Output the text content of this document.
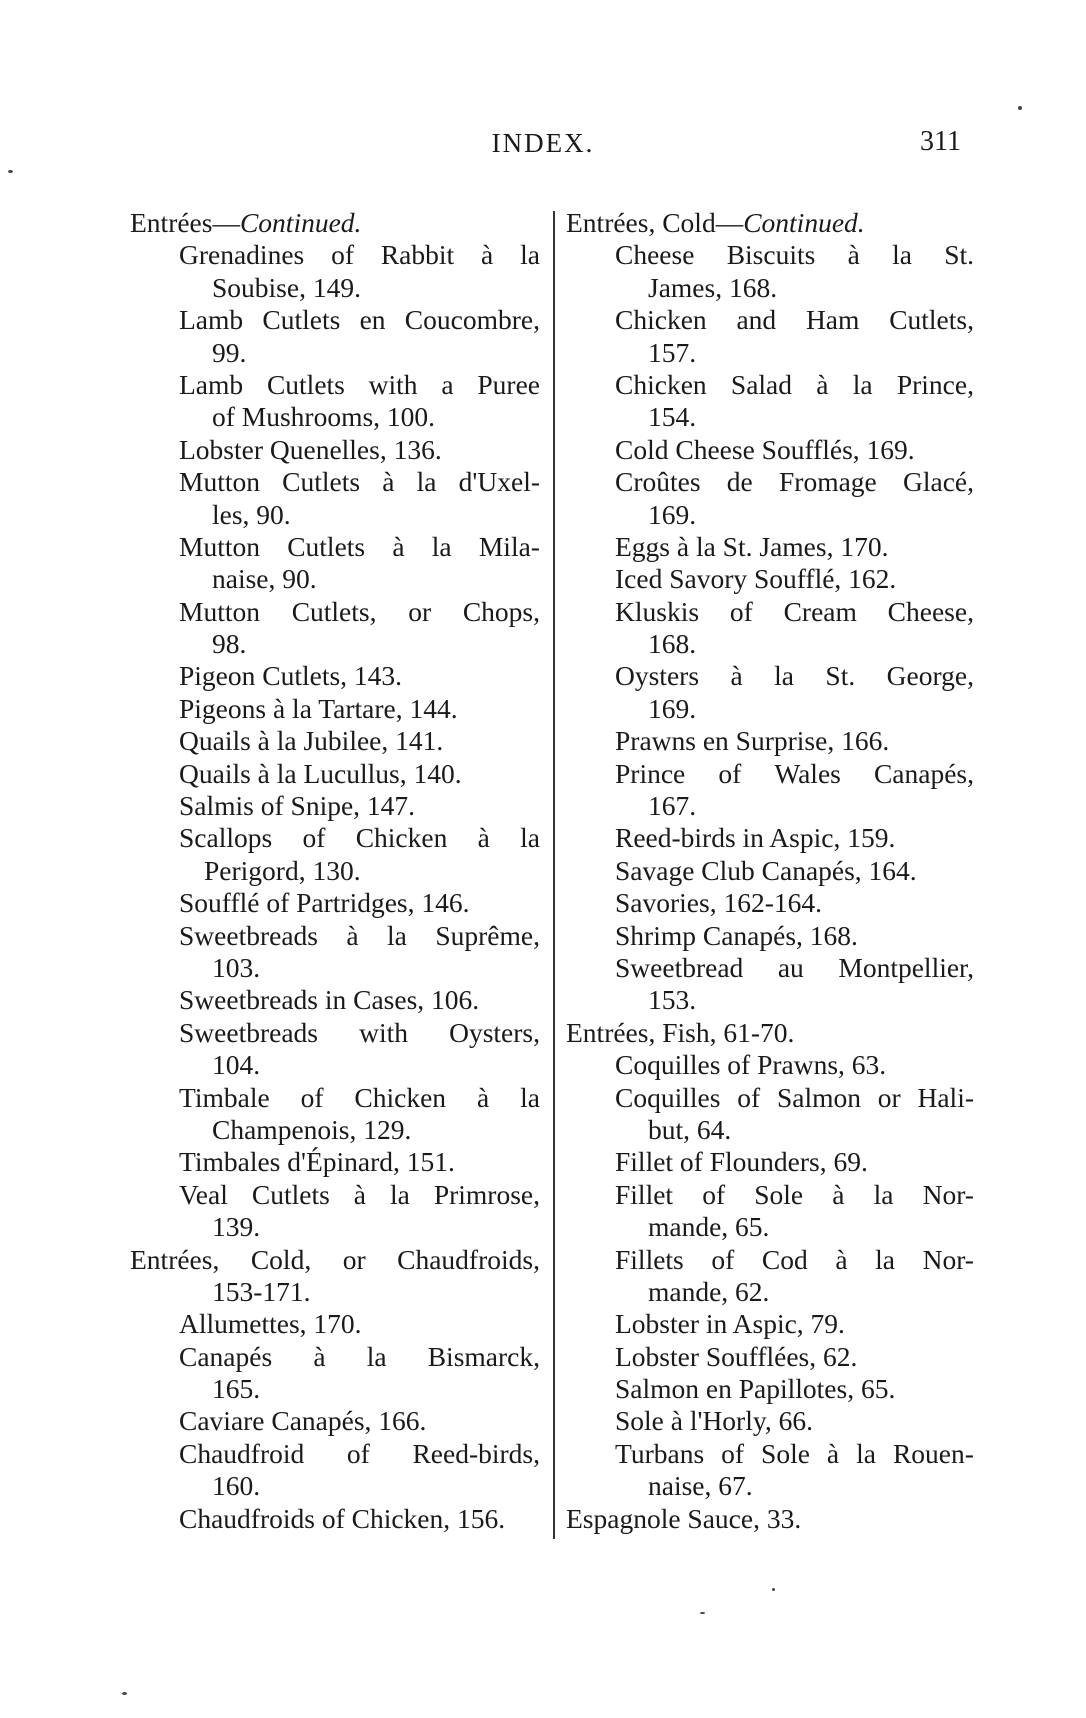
INDEX.	311
Entrées—Continued.
Grenadines of Rabbit à la
Soubise, 149.
Lamb Cutlets en Coucombre,
99.
Lamb Cutlets with a Puree
of Mushrooms, 100.
Lobster Quenelles, 136.
Mutton Cutlets à la d'Uxel-
les, 90.
Mutton Cutlets à la Mila-
naise, 90.
Mutton Cutlets, or Chops,
98.
Pigeon Cutlets, 143.
Pigeons à la Tartare, 144.
Quails à la Jubilee, 141.
Quails à la Lucullus, 140.
Salmis of Snipe, 147.
Scallops of Chicken à la
Perigord, 130.
Soufflé of Partridges, 146.
Sweetbreads à la Suprême,
103.
Sweetbreads in Cases, 106.
Sweetbreads with Oysters,
104.
Timbale of Chicken à la
Champenois, 129.
Timbales d'Épinard, 151.
Veal Cutlets à la Primrose,
139.
Entrées, Cold, or Chaudfroids,
153-171.
Allumettes, 170.
Canapés à la Bismarck,
165.
Caviare Canapés, 166.
Chaudfroid of Reed-birds,
160.
Chaudfroids of Chicken, 156.
Entrées, Cold—Continued.
Cheese Biscuits à la St.
James, 168.
Chicken and Ham Cutlets,
157.
Chicken Salad à la Prince,
154.
Cold Cheese Soufflés, 169.
Croûtes de Fromage Glacé,
169.
Eggs à la St. James, 170.
Iced Savory Soufflé, 162.
Kluskis of Cream Cheese,
168.
Oysters à la St. George,
169.
Prawns en Surprise, 166.
Prince of Wales Canapés,
167.
Reed-birds in Aspic, 159.
Savage Club Canapés, 164.
Savories, 162-164.
Shrimp Canapés, 168.
Sweetbread au Montpellier,
153.
Entrées, Fish, 61-70.
Coquilles of Prawns, 63.
Coquilles of Salmon or Hali-
but, 64.
Fillet of Flounders, 69.
Fillet of Sole à la Nor-
mande, 65.
Fillets of Cod à la Nor-
mande, 62.
Lobster in Aspic, 79.
Lobster Soufflées, 62.
Salmon en Papillotes, 65.
Sole à l'Horly, 66.
Turbans of Sole à la Rouen-
naise, 67.
Espagnole Sauce, 33.
